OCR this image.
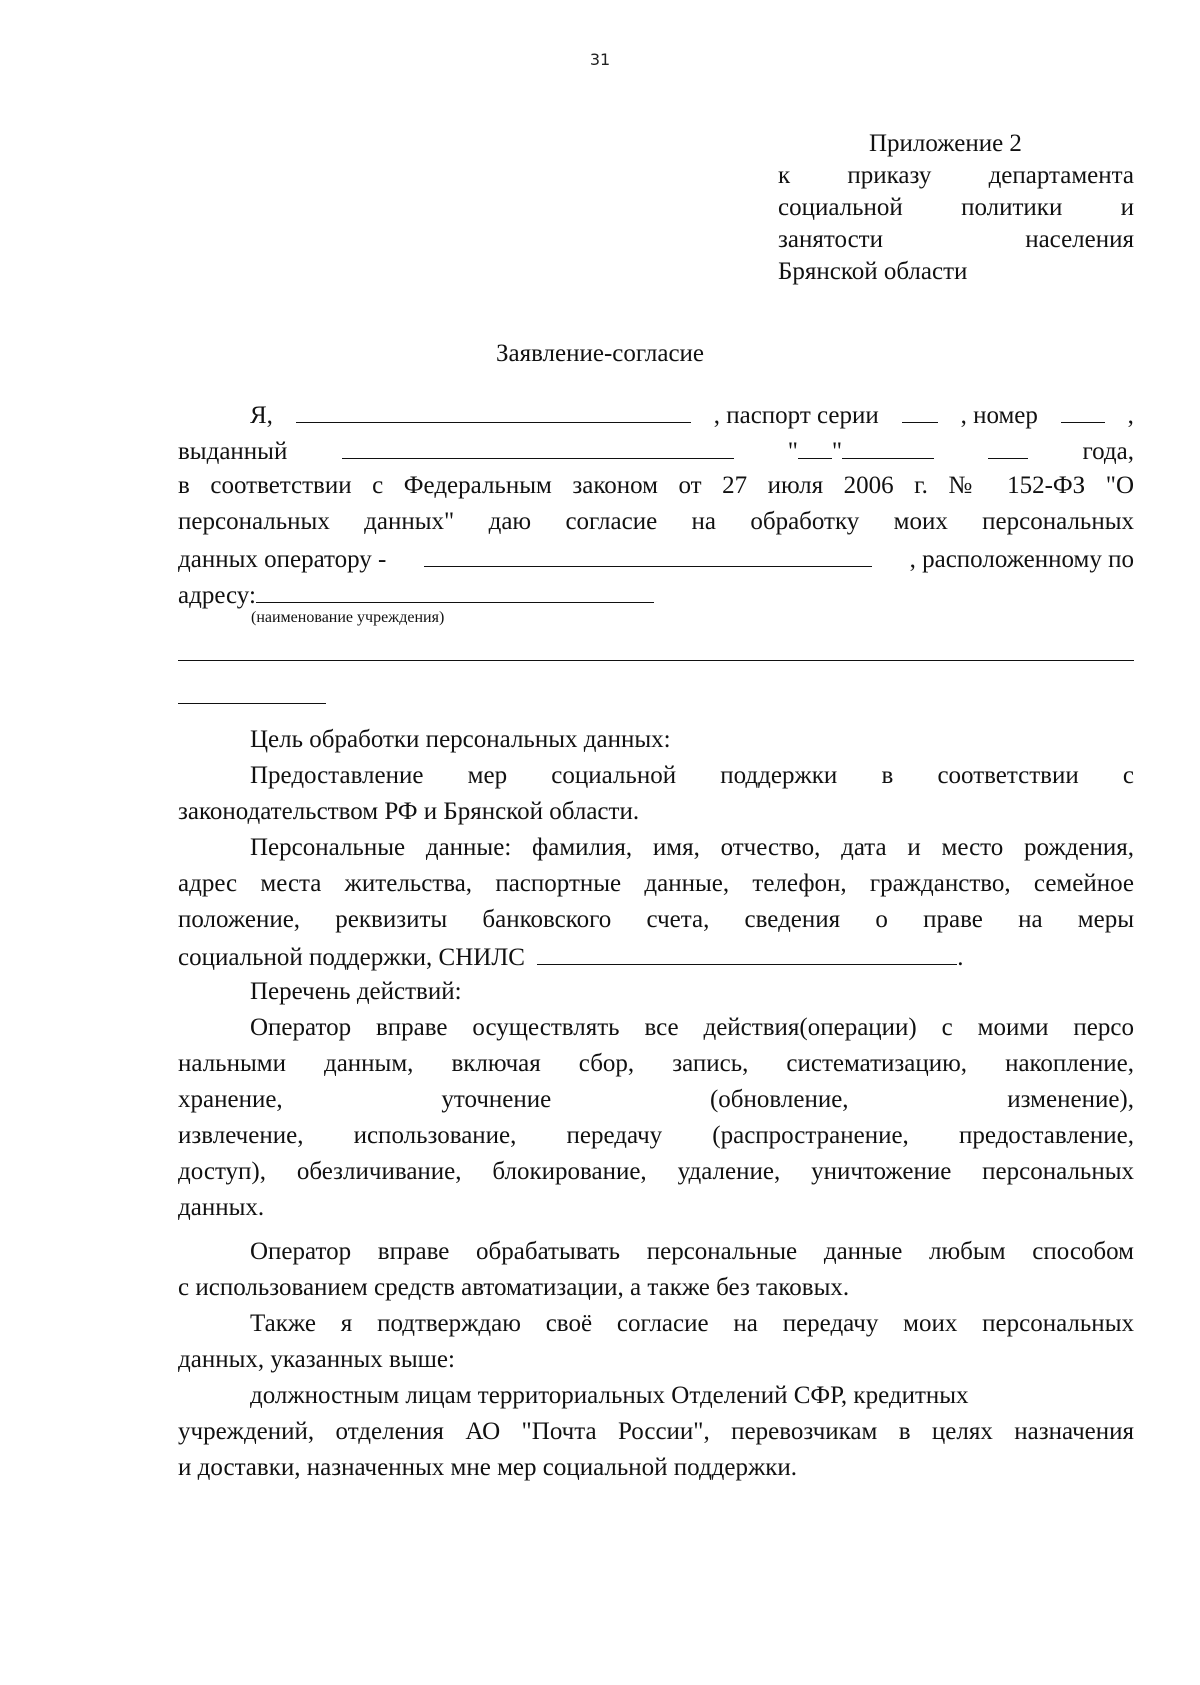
31
Приложение 2
к приказу департамента
социальной политики и
занятости	населения
Брянской области
Заявление-согласие
Я,	, паспорт серии	, номер	,
выданный	" "	года,
в соответствии с Федеральным законом от 27 июля 2006 г. № 152-ФЗ "О
персональных данных" даю согласие на обработку моих персональных
данных оператору -	, расположенному по
адресу:
(наименование учреждения)

Цель обработки персональных данных:

Предоставление мер социальной поддержки в соответствии с

законодательством РФ и Брянской области.

Персональные данные: фамилия, имя, отчество, дата и место рождения,

адрес места жительства, паспортные данные, телефон, гражданство, семейное

положение, реквизиты банковского счета, сведения о праве на меры

социальной поддержки, СНИЛС	.

Перечень действий:

Оператор вправе осуществлять все действия(операции) с моими персо

нальными данным, включая сбор, запись, систематизацию, накопление,

хранение, уточнение (обновление, изменение),

извлечение, использование, передачу (распространение, предоставление,

доступ), обезличивание, блокирование, удаление, уничтожение персональных

данных.

Оператор вправе обрабатывать персональные данные любым способом

с использованием средств автоматизации, а также без таковых.

Также я подтверждаю своё согласие на передачу моих персональных

данных, указанных выше:

должностным лицам территориальных Отделений СФР, кредитных

учреждений, отделения АО "Почта России", перевозчикам в целях назначения

и доставки, назначенных мне мер социальной поддержки.
